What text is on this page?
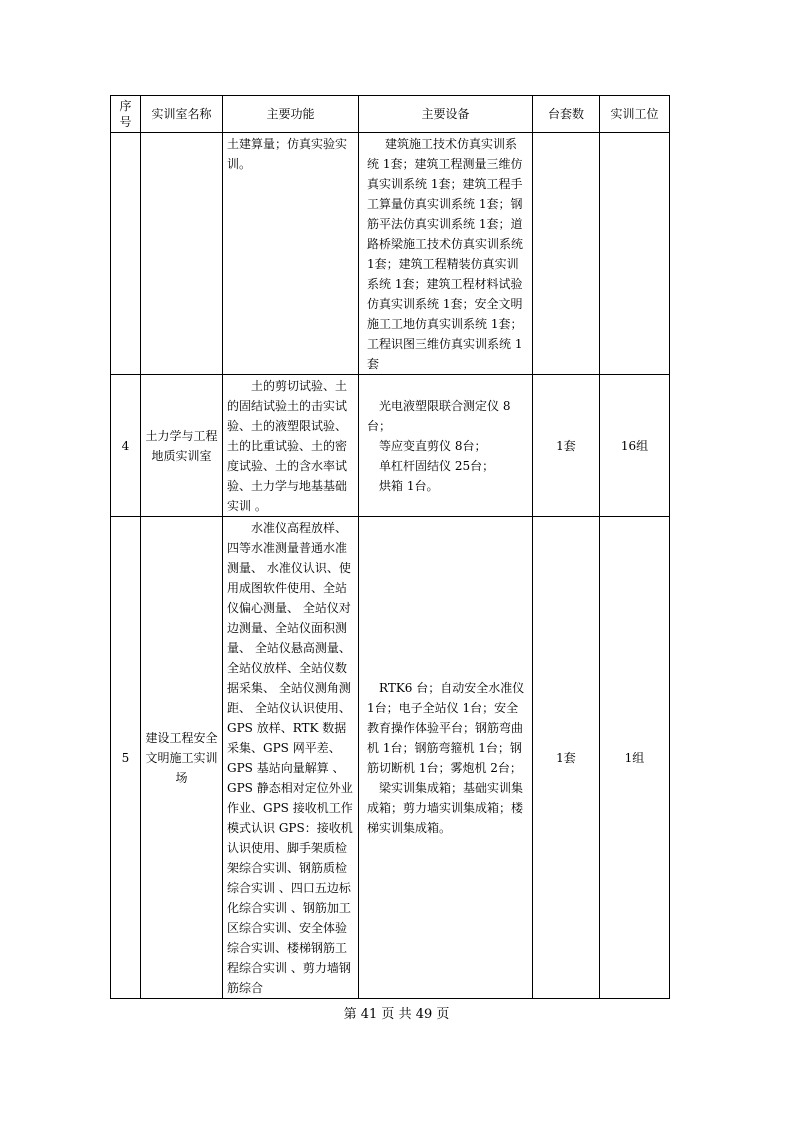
序号	实训室名称	主要功能	主要设备	台套数	实训工位

		土建算量；仿真实验实训。	建筑施工技术仿真实训系统 1套；建筑工程测量三维仿真实训系统 1套；建筑工程手工算量仿真实训系统 1套；钢筋平法仿真实训系统 1套；道路桥梁施工技术仿真实训系统 1套；建筑工程精装仿真实训系统 1套；建筑工程材料试验仿真实训系统 1套；安全文明施工工地仿真实训系统 1套；工程识图三维仿真实训系统 1套		

4	土力学与工程地质实训室	土的剪切试验、土的固结试验土的击实试验、土的液塑限试验、土的比重试验、土的密度试验、土的含水率试验、土力学与地基基础实训 。	光电液塑限联合测定仪 8台；
等应变直剪仪 8台；
单杠杆固结仪 25台；
烘箱 1台。	1套	16组
5	建设工程安全文明施工实训场	水准仪高程放样、四等水准测量普通水准测量、 水准仪认识、使用成图软件使用、全站仪偏心测量、 全站仪对边测量、全站仪面积测量、 全站仪悬高测量、全站仪放样、全站仪数据采集、 全站仪测角测距、 全站仪认识使用、GPS 放样、RTK 数据采集、GPS 网平差、GPS 基站向量解算 、GPS 静态相对定位外业作业、GPS 接收机工作模式认识 GPS：接收机认识使用、脚手架质检架综合实训、钢筋质检综合实训 、四口五边标化综合实训 、钢筋加工区综合实训、安全体验综合实训、楼梯钢筋工程综合实训 、剪力墙钢筋综合	RTK6 台；自动安全水准仪 1台；电子全站仪 1台；安全教育操作体验平台；钢筋弯曲机 1台；钢筋弯箍机 1台；钢筋切断机 1台；雾炮机 2台；
梁实训集成箱；基础实训集成箱；剪力墙实训集成箱；楼梯实训集成箱。	1套	1组
第 41 页 共 49 页
